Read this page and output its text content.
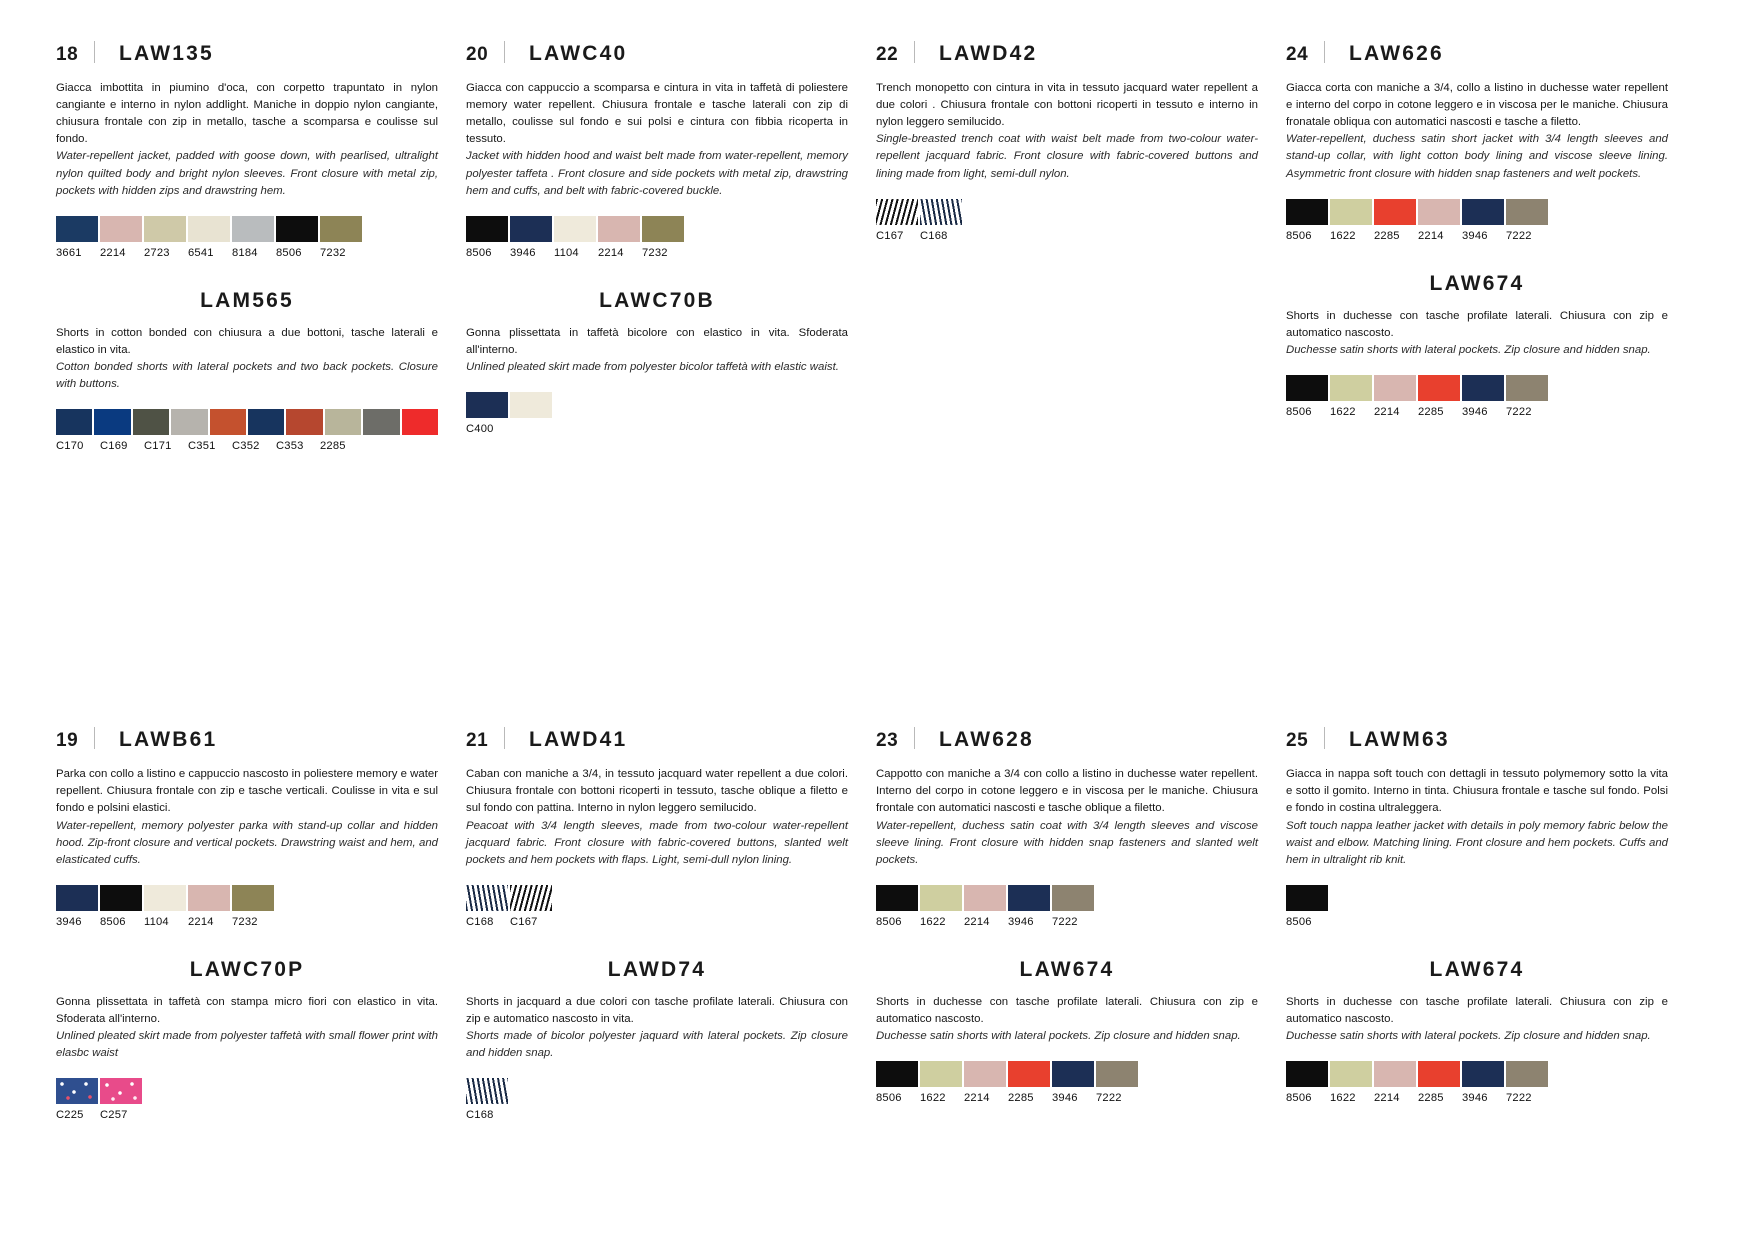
18	LAW135

Giacca imbottita in piumino d'oca, con corpetto trapuntato in nylon cangiante e interno in nylon addlight. Maniche in doppio nylon cangiante, chiusura frontale con zip in metallo, tasche a scomparsa e coulisse sul fondo.

Water-repellent jacket, padded with goose down, with pearlised, ultralight nylon quilted body and bright nylon sleeves. Front closure with metal zip, pockets with hidden zips and drawstring hem.

3661	2214	2723	6541	8184	8506	7232
LAM565

Shorts in cotton bonded con chiusura a due bottoni, tasche laterali e elastico in vita.

Cotton bonded shorts with lateral pockets and two back pockets. Closure with buttons.

C170	C169	C171	C351	C352	C353	2285
20	LAWC40

Giacca con cappuccio a scomparsa e cintura in vita in taffetà di poliestere memory water repellent. Chiusura frontale e tasche laterali con zip di metallo, coulisse sul fondo e sui polsi e cintura con fibbia ricoperta in tessuto.

Jacket with hidden hood and waist belt made from water-repellent, memory polyester taffeta . Front closure and side pockets with metal zip, drawstring hem and cuffs, and belt with fabric-covered buckle.

8506	3946	1104	2214	7232
LAWC70B

Gonna plissettata in taffetà bicolore con elastico in vita. Sfoderata all'interno.

Unlined pleated skirt made from polyester bicolor taffetà with elastic waist.

C400
22	LAWD42

Trench monopetto con cintura in vita in tessuto jacquard water repellent a due colori . Chiusura frontale con bottoni ricoperti in tessuto e interno in nylon leggero semilucido.

Single-breasted trench coat with waist belt made from two-colour water-repellent jacquard fabric. Front closure with fabric-covered buttons and lining made from light, semi-dull nylon.

C167	C168
24	LAW626

Giacca corta con maniche a 3/4, collo a listino in duchesse water repellent e interno del corpo in cotone leggero e in viscosa per le maniche. Chiusura fronatale obliqua con automatici nascosti e tasche a filetto.

Water-repellent, duchess satin short jacket with 3/4 length sleeves and stand-up collar, with light cotton body lining and viscose sleeve lining. Asymmetric front closure with hidden snap fasteners and welt pockets.

8506	1622	2285	2214	3946	7222
LAW674

Shorts in duchesse con tasche profilate laterali. Chiusura con zip e automatico nascosto.

Duchesse satin shorts with lateral pockets. Zip closure and hidden snap.

8506	1622	2214	2285	3946	7222
19	LAWB61

Parka con collo a listino e cappuccio nascosto in poliestere memory e water repellent. Chiusura frontale con zip e tasche verticali. Coulisse in vita e sul fondo e polsini elastici.

Water-repellent, memory polyester parka with stand-up collar and hidden hood. Zip-front closure and vertical pockets. Drawstring waist and hem, and elasticated cuffs.

3946	8506	1104	2214	7232
LAWC70P

Gonna plissettata in taffetà con stampa micro fiori con elastico in vita. Sfoderata all'interno.

Unlined pleated skirt made from polyester taffetà with small flower print with elasbc waist

C225	C257
21	LAWD41

Caban con maniche a 3/4, in tessuto jacquard water repellent a due colori. Chiusura frontale con bottoni ricoperti in tessuto, tasche oblique a filetto e sul fondo con pattina. Interno in nylon leggero semilucido.

Peacoat with 3/4 length sleeves, made from two-colour water-repellent jacquard fabric. Front closure with fabric-covered buttons, slanted welt pockets and hem pockets with flaps. Light, semi-dull nylon lining.

C168	C167
LAWD74

Shorts in jacquard a due colori con tasche profilate laterali. Chiusura con zip e automatico nascosto in vita.

Shorts made of bicolor polyester jaquard with lateral pockets. Zip closure and hidden snap.

C168
23	LAW628

Cappotto con maniche a 3/4 con collo a listino in duchesse water repellent. Interno del corpo in cotone leggero e in viscosa per le maniche. Chiusura frontale con automatici nascosti e tasche oblique a filetto.

Water-repellent, duchess satin coat with 3/4 length sleeves and viscose sleeve lining. Front closure with hidden snap fasteners and slanted welt pockets.

8506	1622	2214	3946	7222
LAW674

Shorts in duchesse con tasche profilate laterali. Chiusura con zip e automatico nascosto.

Duchesse satin shorts with lateral pockets. Zip closure and hidden snap.

8506	1622	2214	2285	3946	7222
25	LAWM63

Giacca in nappa soft touch con dettagli in tessuto polymemory sotto la vita e sotto il gomito. Interno in tinta. Chiusura frontale e tasche sul fondo. Polsi e fondo in costina ultraleggera.

Soft touch nappa leather jacket with details in poly memory fabric below the waist and elbow. Matching lining. Front closure and hem pockets. Cuffs and hem in ultralight rib knit.

8506
LAW674

Shorts in duchesse con tasche profilate laterali. Chiusura con zip e automatico nascosto.

Duchesse satin shorts with lateral pockets. Zip closure and hidden snap.

8506	1622	2214	2285	3946	7222
